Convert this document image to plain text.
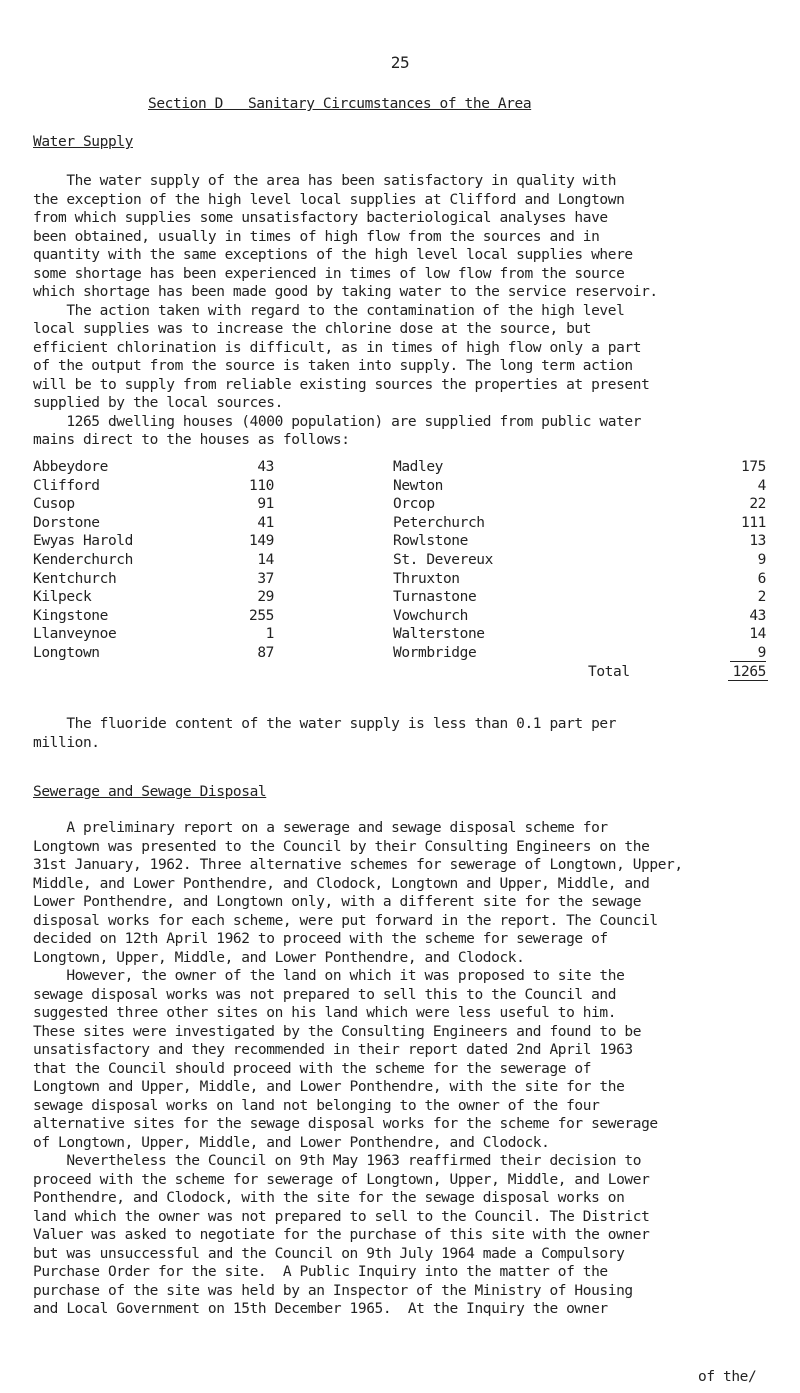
25
Section D   Sanitary Circumstances of the Area
Water Supply
The water supply of the area has been satisfactory in quality with
the exception of the high level local supplies at Clifford and Longtown
from which supplies some unsatisfactory bacteriological analyses have
been obtained, usually in times of high flow from the sources and in
quantity with the same exceptions of the high level local supplies where
some shortage has been experienced in times of low flow from the source
which shortage has been made good by taking water to the service reservoir.
The action taken with regard to the contamination of the high level
local supplies was to increase the chlorine dose at the source, but
efficient chlorination is difficult, as in times of high flow only a part
of the output from the source is taken into supply. The long term action
will be to supply from reliable existing sources the properties at present
supplied by the local sources.
1265 dwelling houses (4000 population) are supplied from public water
mains direct to the houses as follows:
Abbeydore	43	Madley	175
Clifford	110	Newton	4
Cusop	91	Orcop	22
Dorstone	41	Peterchurch	111
Ewyas Harold	149	Rowlstone	13
Kenderchurch	14	St. Devereux	9
Kentchurch	37	Thruxton	6
Kilpeck	29	Turnastone	2
Kingstone	255	Vowchurch	43
Llanveynoe	1	Walterstone	14
Longtown	87	Wormbridge	9
Total	1265
The fluoride content of the water supply is less than 0.1 part per
million.
Sewerage and Sewage Disposal
A preliminary report on a sewerage and sewage disposal scheme for
Longtown was presented to the Council by their Consulting Engineers on the
31st January, 1962. Three alternative schemes for sewerage of Longtown, Upper,
Middle, and Lower Ponthendre, and Clodock, Longtown and Upper, Middle, and
Lower Ponthendre, and Longtown only, with a different site for the sewage
disposal works for each scheme, were put forward in the report. The Council
decided on 12th April 1962 to proceed with the scheme for sewerage of
Longtown, Upper, Middle, and Lower Ponthendre, and Clodock.
However, the owner of the land on which it was proposed to site the
sewage disposal works was not prepared to sell this to the Council and
suggested three other sites on his land which were less useful to him.
These sites were investigated by the Consulting Engineers and found to be
unsatisfactory and they recommended in their report dated 2nd April 1963
that the Council should proceed with the scheme for the sewerage of
Longtown and Upper, Middle, and Lower Ponthendre, with the site for the
sewage disposal works on land not belonging to the owner of the four
alternative sites for the sewage disposal works for the scheme for sewerage
of Longtown, Upper, Middle, and Lower Ponthendre, and Clodock.
Nevertheless the Council on 9th May 1963 reaffirmed their decision to
proceed with the scheme for sewerage of Longtown, Upper, Middle, and Lower
Ponthendre, and Clodock, with the site for the sewage disposal works on
land which the owner was not prepared to sell to the Council. The District
Valuer was asked to negotiate for the purchase of this site with the owner
but was unsuccessful and the Council on 9th July 1964 made a Compulsory
Purchase Order for the site.  A Public Inquiry into the matter of the
purchase of the site was held by an Inspector of the Ministry of Housing
and Local Government on 15th December 1965.  At the Inquiry the owner
of the/
